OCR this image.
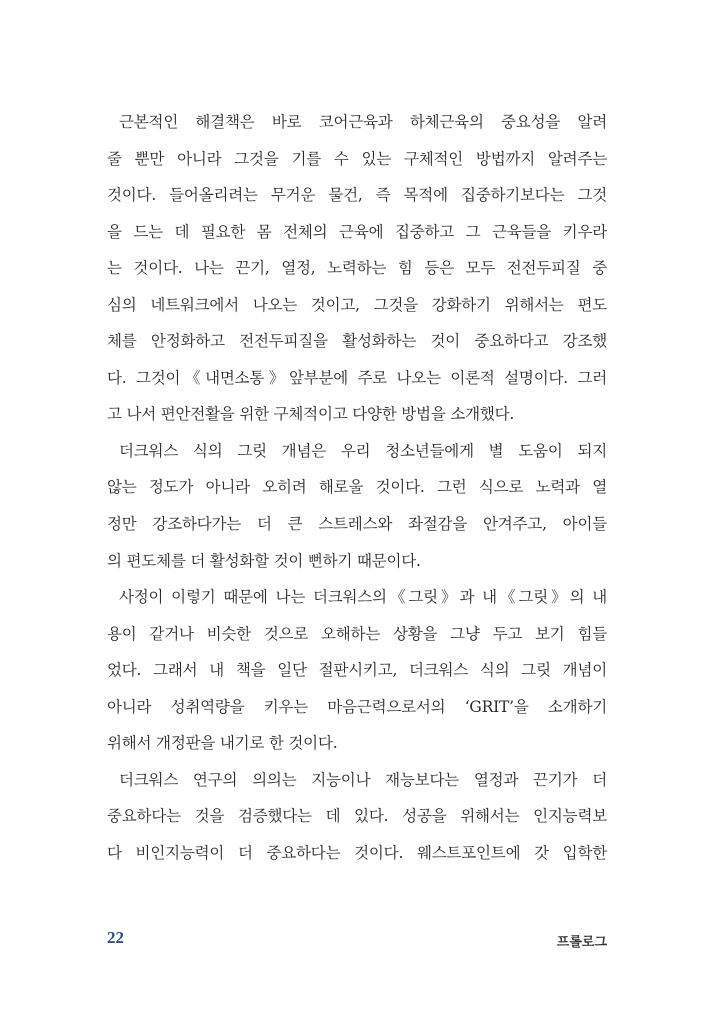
근본적인 해결책은 바로 코어근육과 하체근육의 중요성을 알려
줄 뿐만 아니라 그것을 기를 수 있는 구체적인 방법까지 알려주는
것이다. 들어올리려는 무거운 물건, 즉 목적에 집중하기보다는 그것
을 드는 데 필요한 몸 전체의 근육에 집중하고 그 근육들을 키우라
는 것이다. 나는 끈기, 열정, 노력하는 힘 등은 모두 전전두피질 중
심의 네트워크에서 나오는 것이고, 그것을 강화하기 위해서는 편도
체를 안정화하고 전전두피질을 활성화하는 것이 중요하다고 강조했
다. 그것이《내면소통》앞부분에 주로 나오는 이론적 설명이다. 그러
고 나서 편안전활을 위한 구체적이고 다양한 방법을 소개했다.
더크워스 식의 그릿 개념은 우리 청소년들에게 별 도움이 되지
않는 정도가 아니라 오히려 해로울 것이다. 그런 식으로 노력과 열
정만 강조하다가는 더 큰 스트레스와 좌절감을 안겨주고, 아이들
의 편도체를 더 활성화할 것이 뻔하기 때문이다.
사정이 이렇기 때문에 나는 더크워스의《그릿》과 내《그릿》의 내
용이 같거나 비슷한 것으로 오해하는 상황을 그냥 두고 보기 힘들
었다. 그래서 내 책을 일단 절판시키고, 더크워스 식의 그릿 개념이
아니라 성취역량을 키우는 마음근력으로서의 ‘GRIT’을 소개하기
위해서 개정판을 내기로 한 것이다.
더크워스 연구의 의의는 지능이나 재능보다는 열정과 끈기가 더
중요하다는 것을 검증했다는 데 있다. 성공을 위해서는 인지능력보
다 비인지능력이 더 중요하다는 것이다. 웨스트포인트에 갓 입학한
22	프롤로그
